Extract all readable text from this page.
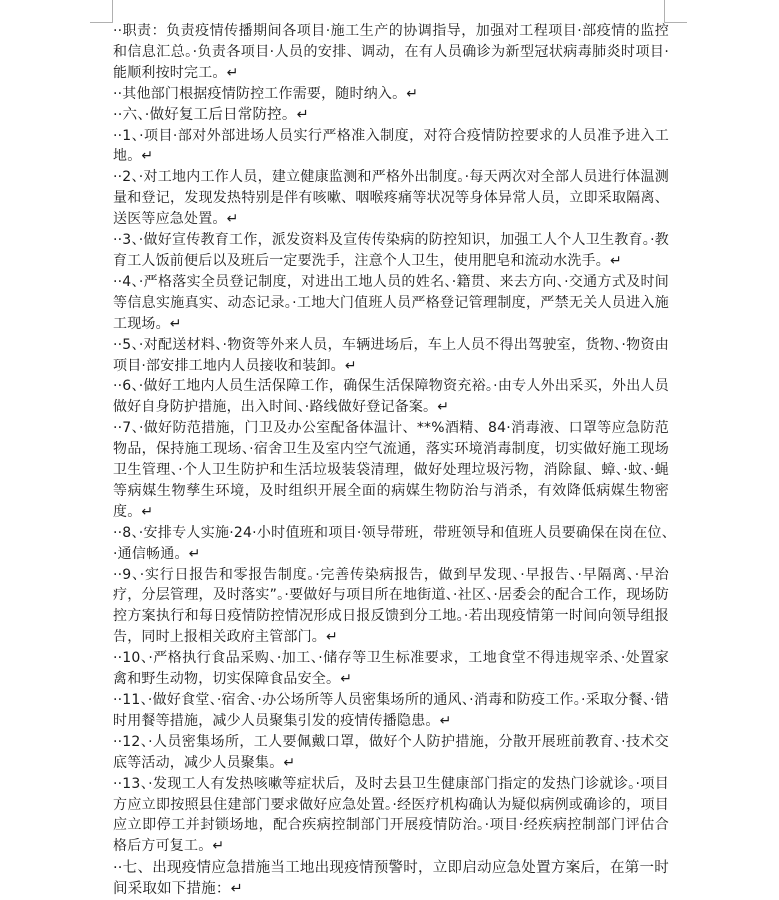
··职责：负责疫情传播期间各项目·施工生产的协调指导，加强对工程项目·部疫情的监控和信息汇总。·负责各项目·人员的安排、调动，在有人员确诊为新型冠状病毒肺炎时项目·能顺利按时完工。↵

··其他部门根据疫情防控工作需要，随时纳入。↵

··六、·做好复工后日常防控。↵

··1、·项目·部对外部进场人员实行严格准入制度，对符合疫情防控要求的人员准予进入工地。↵

··2、·对工地内工作人员，建立健康监测和严格外出制度。·每天两次对全部人员进行体温测量和登记，发现发热特别是伴有咳嗽、咽喉疼痛等状况等身体异常人员，立即采取隔离、送医等应急处置。↵

··3、·做好宣传教育工作，派发资料及宣传传染病的防控知识，加强工人个人卫生教育。·教育工人饭前便后以及班后一定要洗手，注意个人卫生，使用肥皂和流动水洗手。↵

··4、·严格落实全员登记制度，对进出工地人员的姓名、·籍贯、来去方向、·交通方式及时间等信息实施真实、动态记录。·工地大门值班人员严格登记管理制度，严禁无关人员进入施工现场。↵

··5、·对配送材料、·物资等外来人员，车辆进场后，车上人员不得出驾驶室，货物、·物资由项目·部安排工地内人员接收和装卸。↵

··6、·做好工地内人员生活保障工作，确保生活保障物资充裕。·由专人外出采买，外出人员做好自身防护措施，出入时间、·路线做好登记备案。↵

··7、·做好防范措施，门卫及办公室配备体温计、**%酒精、84·消毒液、口罩等应急防范物品，保持施工现场、·宿舍卫生及室内空气流通，落实环境消毒制度，切实做好施工现场卫生管理、·个人卫生防护和生活垃圾装袋清理，做好处理垃圾污物，消除鼠、蟑、·蚊、·蝇等病媒生物孳生环境，及时组织开展全面的病媒生物防治与消杀，有效降低病媒生物密度。↵

··8、·安排专人实施·24·小时值班和项目·领导带班，带班领导和值班人员要确保在岗在位、·通信畅通。↵

··9、·实行日报告和零报告制度。·完善传染病报告，做到早发现、·早报告、·早隔离、·早治疗，分层管理，及时落实”。·要做好与项目所在地街道、·社区、·居委会的配合工作，现场防控方案执行和每日疫情防控情况形成日报反馈到分工地。·若出现疫情第一时间向领导组报告，同时上报相关政府主管部门。↵

··10、·严格执行食品采购、·加工、·储存等卫生标准要求，工地食堂不得违规宰杀、·处置家禽和野生动物，切实保障食品安全。↵

··11、·做好食堂、·宿舍、·办公场所等人员密集场所的通风、·消毒和防疫工作。·采取分餐、·错时用餐等措施，减少人员聚集引发的疫情传播隐患。↵

··12、·人员密集场所，工人要佩戴口罩，做好个人防护措施，分散开展班前教育、·技术交底等活动，减少人员聚集。↵

··13、·发现工人有发热咳嗽等症状后，及时去县卫生健康部门指定的发热门诊就诊。·项目方应立即按照县住建部门要求做好应急处置。·经医疗机构确认为疑似病例或确诊的，项目应立即停工并封锁场地，配合疾病控制部门开展疫情防治。·项目·经疾病控制部门评估合格后方可复工。↵

··七、出现疫情应急措施当工地出现疫情预警时，立即启动应急处置方案后，在第一时间采取如下措施：↵
